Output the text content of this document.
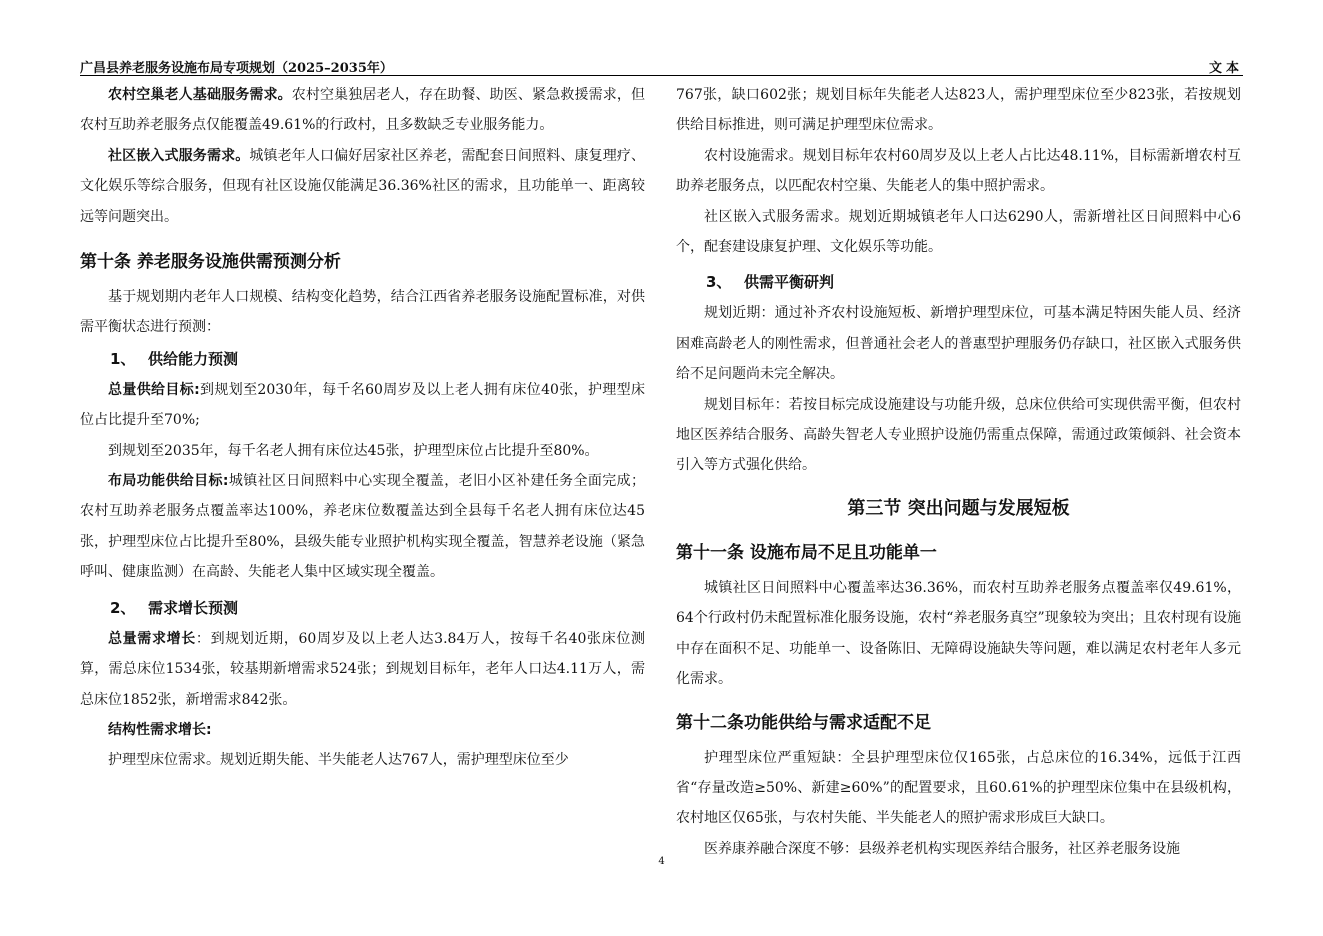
广昌县养老服务设施布局专项规划（2025–2035年）	文本

农村空巢老人基础服务需求。农村空巢独居老人，存在助餐、助医、紧急救援需求，但农村互助养老服务点仅能覆盖49.61%的行政村，且多数缺乏专业服务能力。

社区嵌入式服务需求。城镇老年人口偏好居家社区养老，需配套日间照料、康复理疗、文化娱乐等综合服务，但现有社区设施仅能满足36.36%社区的需求，且功能单一、距离较远等问题突出。

第十条 养老服务设施供需预测分析

基于规划期内老年人口规模、结构变化趋势，结合江西省养老服务设施配置标准，对供需平衡状态进行预测：

1、 供给能力预测

总量供给目标:到规划至2030年，每千名60周岁及以上老人拥有床位40张，护理型床位占比提升至70%;

到规划至2035年，每千名老人拥有床位达45张，护理型床位占比提升至80%。

布局功能供给目标:城镇社区日间照料中心实现全覆盖，老旧小区补建任务全面完成；农村互助养老服务点覆盖率达100%，养老床位数覆盖达到全县每千名老人拥有床位达45张，护理型床位占比提升至80%，县级失能专业照护机构实现全覆盖，智慧养老设施（紧急呼叫、健康监测）在高龄、失能老人集中区域实现全覆盖。

2、 需求增长预测

总量需求增长：到规划近期，60周岁及以上老人达3.84万人，按每千名40张床位测算，需总床位1534张，较基期新增需求524张；到规划目标年，老年人口达4.11万人，需总床位1852张，新增需求842张。

结构性需求增长:

护理型床位需求。规划近期失能、半失能老人达767人，需护理型床位至少

767张，缺口602张；规划目标年失能老人达823人，需护理型床位至少823张，若按规划供给目标推进，则可满足护理型床位需求。

农村设施需求。规划目标年农村60周岁及以上老人占比达48.11%，目标需新增农村互助养老服务点，以匹配农村空巢、失能老人的集中照护需求。

社区嵌入式服务需求。规划近期城镇老年人口达6290人，需新增社区日间照料中心6个，配套建设康复护理、文化娱乐等功能。

3、 供需平衡研判

规划近期：通过补齐农村设施短板、新增护理型床位，可基本满足特困失能人员、经济困难高龄老人的刚性需求，但普通社会老人的普惠型护理服务仍存缺口，社区嵌入式服务供给不足问题尚未完全解决。

规划目标年：若按目标完成设施建设与功能升级，总床位供给可实现供需平衡，但农村地区医养结合服务、高龄失智老人专业照护设施仍需重点保障，需通过政策倾斜、社会资本引入等方式强化供给。

第三节 突出问题与发展短板
第十一条 设施布局不足且功能单一

城镇社区日间照料中心覆盖率达36.36%，而农村互助养老服务点覆盖率仅49.61%，64个行政村仍未配置标准化服务设施，农村“养老服务真空”现象较为突出；且农村现有设施中存在面积不足、功能单一、设备陈旧、无障碍设施缺失等问题，难以满足农村老年人多元化需求。

第十二条功能供给与需求适配不足

护理型床位严重短缺：全县护理型床位仅165张，占总床位的16.34%，远低于江西省“存量改造≥50%、新建≥60%”的配置要求，且60.61%的护理型床位集中在县级机构，农村地区仅65张，与农村失能、半失能老人的照护需求形成巨大缺口。

医养康养融合深度不够：县级养老机构实现医养结合服务，社区养老服务设施

4
